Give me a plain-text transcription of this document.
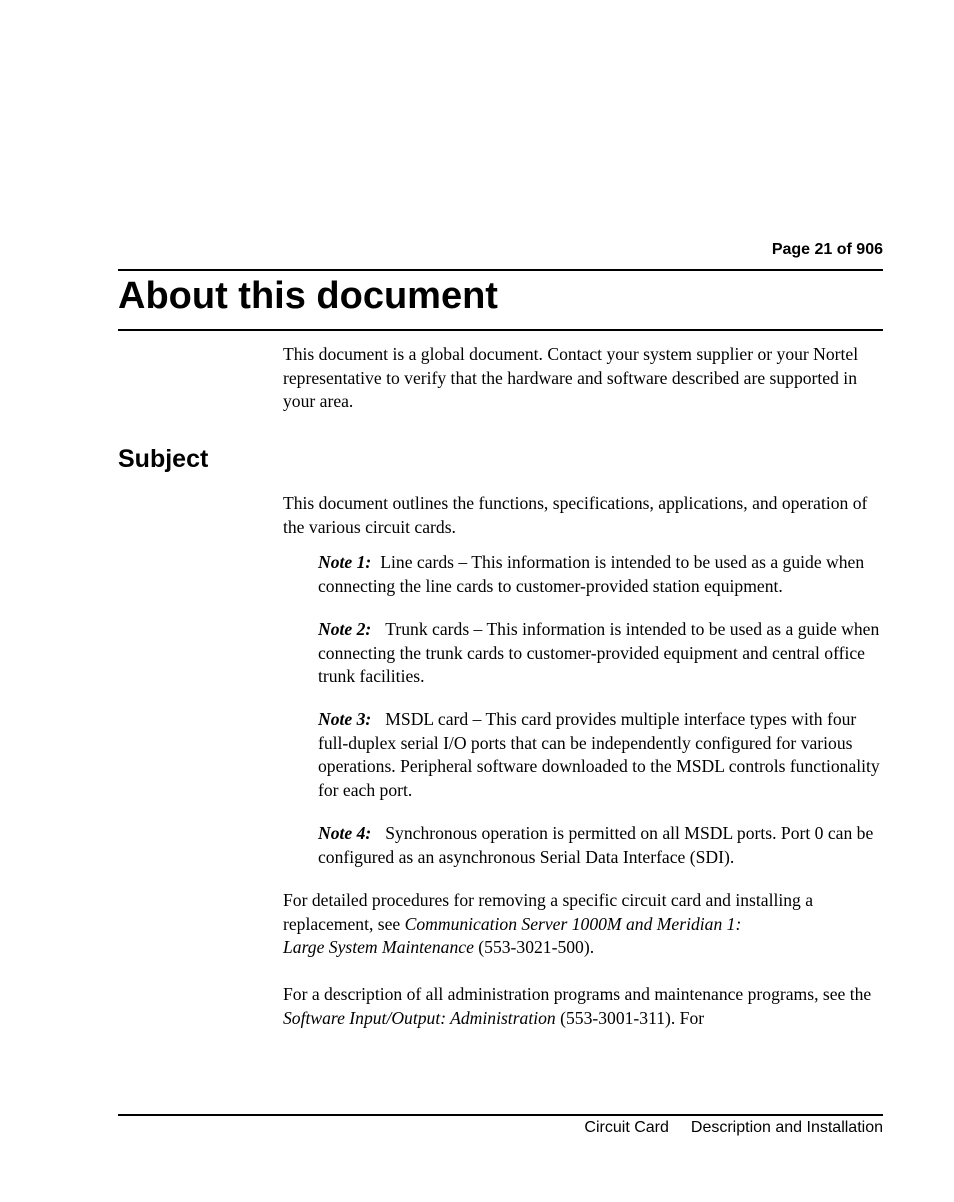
Page 21 of 906
About this document

This document is a global document. Contact your system supplier or your Nortel representative to verify that the hardware and software described are supported in your area.

Subject

This document outlines the functions, specifications, applications, and operation of the various circuit cards.

Note 1: Line cards – This information is intended to be used as a guide when connecting the line cards to customer-provided station equipment.

Note 2: Trunk cards – This information is intended to be used as a guide when connecting the trunk cards to customer-provided equipment and central office trunk facilities.

Note 3: MSDL card – This card provides multiple interface types with four full-duplex serial I/O ports that can be independently configured for various operations. Peripheral software downloaded to the MSDL controls functionality for each port.

Note 4: Synchronous operation is permitted on all MSDL ports. Port 0 can be configured as an asynchronous Serial Data Interface (SDI).

For detailed procedures for removing a specific circuit card and installing a replacement, see Communication Server 1000M and Meridian 1:
Large System Maintenance (553-3021-500).

For a description of all administration programs and maintenance programs, see the Software Input/Output: Administration (553-3001-311). For

Circuit Card Description and Installation
